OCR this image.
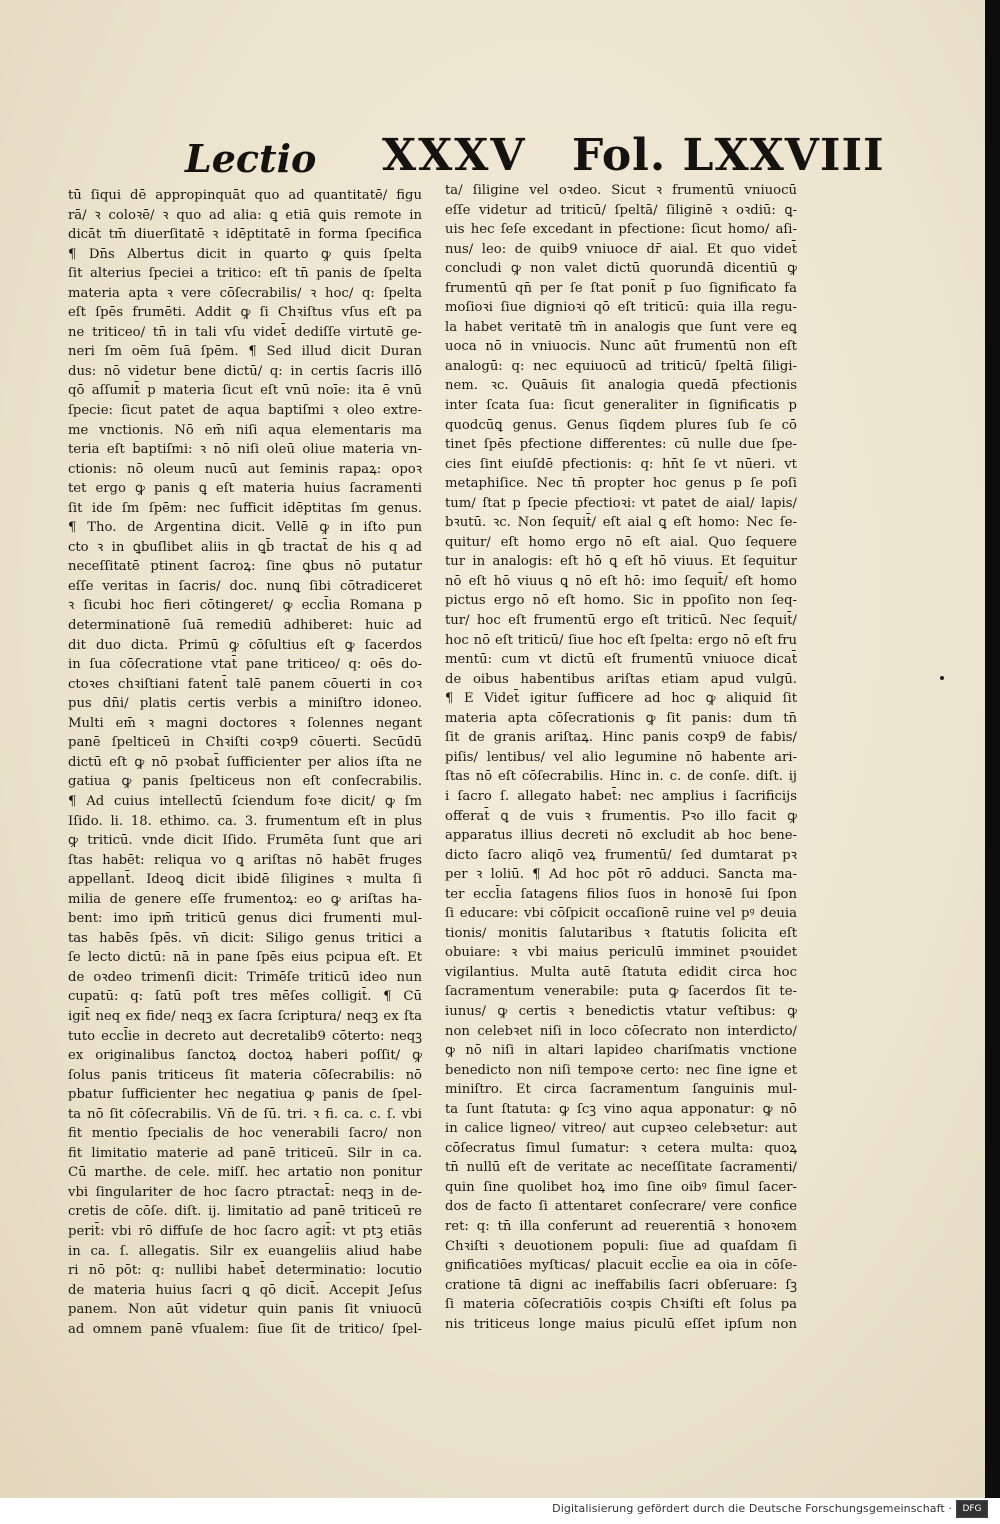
Lectio XXXV Fol. LXXVIII
tū ſiqui dē appropinquāt quo ad quantitatē/ figu
rā/ ꝛ coloꝛē/ ꝛ quo ad alia: ꝗ etiā ꝗuis remote in
dicāt tm̄ diuerſitatē ꝛ idēptitatē in forma ſpecifica
¶ Dn̄s Albertus dicit in quarto ꝙ ꝗuis ſpelta
ſit alterius ſpeciei a tritico: eſt tn̄ panis de ſpelta
materia apta ꝛ vere cōſecrabilis/ ꝛ hoc/ q: ſpelta
eſt ſpēs frumēti. Addit ꝙ ſi Chꝛiſtus vſus eſt pa
ne triticeo/ tn̄ in tali vſu videt̄ dediſſe virtutē ge-
neri ſm oēm ſuā ſpēm. ¶ Sed illud dicit Duran
dus: nō videtur bene dictū/ q: in certis ſacris illō
qō aſſumit̄ p materia ſicut eſt vnū noīe: ita ē vnū
ſpecie: ſicut patet de aqua baptiſmi ꝛ oleo extre-
me vnctionis. Nō em̄ niſi aqua elementaris ma
teria eſt baptiſmi: ꝛ nō niſi oleū oliue materia vn-
ctionis: nō oleum nucū aut ſeminis rapaꝝ: opoꝛ
tet ergo ꝙ panis ꝗ eſt materia huius ſacramenti
ſit ide ſm ſpēm: nec ſufficit idēptitas ſm genus.
¶ Tho. de Argentina dicit. Vellē ꝙ in iſto pun
cto ꝛ in ꝗbuſlibet aliis in ꝗb̄ tractat̄ de his q ad
neceſſitatē ptinent ſacroꝝ: ſine ꝗbus nō putatur
eſſe veritas in ſacris/ doc. nunꝗ ſibi cōtradiceret
ꝛ ſicubi hoc fieri cōtingeret/ ꝙ eccl̄ia Romana p
determinationē ſuā remediū adhiberet: huic ad
dit duo dicta. Primū ꝙ cōſultius eſt ꝙ ſacerdos
in ſua cōſecratione vtat̄ pane triticeo/ q: oēs do-
ctoꝛes chꝛiſtiani fatent̄ talē panem cōuerti in coꝛ
pus dn̄i/ platis certis verbis a miniſtro idoneo.
Multi em̄ ꝛ magni doctores ꝛ ſolennes negant
panē ſpelticeū in Chꝛiſti coꝛp9 cōuerti. Secūdū
dictū eſt ꝙ nō pꝛobat̄ ſufficienter per alios iſta ne
gatiua ꝙ panis ſpelticeus non eſt conſecrabilis.
¶ Ad cuius intellectū ſciendum foꝛe dicit/ ꝙ ſm
Iſido. li. 18. ethimo. ca. 3. frumentum eſt in plus
ꝙ triticū. vnde dicit Iſido. Frumēta ſunt que ari
ſtas habēt: reliqua vo ꝗ ariſtas nō habēt fruges
appellant̄. Ideoꝗ dicit ibidē ſiligines ꝛ multa ſi
milia de genere eſſe frumentoꝝ: eo ꝙ ariſtas ha-
bent: imo ipm̄ triticū genus dici frumenti mul-
tas habēs ſpēs. vn̄ dicit: Siligo genus tritici a
ſe lecto dictū: nā in pane ſpēs eius pcipua eſt. Et
de oꝛdeo trimenſi dicit: Trimēſe triticū ideo nun
cupatū: q: ſatū poſt tres mēſes colligit̄. ¶ Cū
igit̄ neq ex fide/ neqꝫ ex ſacra ſcriptura/ neqꝫ ex ſta
tuto eccl̄ie in decreto aut decretalib9 cōterto: neqꝫ
ex originalibus ſanctoꝝ doctoꝝ haberi poſſit/ ꝙ
ſolus panis triticeus ſit materia cōſecrabilis: nō
pbatur ſufficienter hec negatiua ꝙ panis de ſpel-
ta nō ſit cōſecrabilis. Vn̄ de ſū. tri. ꝛ fi. ca. c. ſ. vbi
fit mentio ſpecialis de hoc venerabili ſacro/ non
fit limitatio materie ad panē triticeū. Silr in ca.
Cū marthe. de cele. miſſ. hec artatio non ponitur
vbi ſingulariter de hoc ſacro ptractat̄: neqꝫ in de-
cretis de cōſe. diſt. ij. limitatio ad panē triticeū re
perit̄: vbi rō diffuſe de hoc ſacro agit̄: vt ptꝫ etiās
in ca. ſ. allegatis. Silr ex euangeliis aliud habe
ri nō pōt: q: nullibi habet̄ determinatio: locutio
de materia huius ſacri ꝗ qō dicit̄. Accepit Jeſus
panem. Non aūt videtur quin panis ſit vniuocū
ad omnem panē vſualem: ſiue ſit de tritico/ ſpel-
ta/ ſiligine vel oꝛdeo. Sicut ꝛ frumentū vniuocū
eſſe videtur ad triticū/ ſpeltā/ ſiliginē ꝛ oꝛdiū: ꝗ-
uis hec ſeſe excedant in pfectione: ſicut homo/ aſi-
nus/ leo: de quib9 vniuoce dr̄ aial. Et quo videt̄
concludi ꝙ non valet dictū quorundā dicentiū ꝙ
frumentū qn̄ per ſe ſtat ponit̄ p ſuo ſignificato fa
moſioꝛi ſiue dignioꝛi qō eſt triticū: quia illa regu-
la habet veritatē tm̄ in analogis que ſunt vere eꝗ
uoca nō in vniuocis. Nunc aūt frumentū non eſt
analogū: q: nec equiuocū ad triticū/ ſpeltā ſiligi-
nem. ꝛc. Quāuis ſit analogia quedā pfectionis
inter ſcata ſua: ſicut generaliter in ſignificatis p
quodcūꝗ genus. Genus ſiqdem plures ſub ſe cō
tinet ſpēs pfectione differentes: cū nulle due ſpe-
cies ſint eiuſdē pfectionis: q: hn̄t ſe vt nūeri. vt
metaphiſice. Nec tn̄ propter hoc genus p ſe poſi
tum/ ſtat p ſpecie pfectioꝛi: vt patet de aial/ lapis/
bꝛutū. ꝛc. Non ſequit̄/ eſt aial ꝗ eſt homo: Nec ſe-
quitur/ eſt homo ergo nō eſt aial. Quo ſequere
tur in analogis: eſt hō ꝗ eſt hō viuus. Et ſequitur
nō eſt hō viuus ꝗ nō eſt hō: imo ſequit̄/ eſt homo
pictus ergo nō eſt homo. Sic in ppoſito non ſeq-
tur/ hoc eſt frumentū ergo eſt triticū. Nec ſequit̄/
hoc nō eſt triticū/ ſiue hoc eſt ſpelta: ergo nō eſt fru
mentū: cum vt dictū eſt frumentū vniuoce dicat̄
de oibus habentibus ariſtas etiam apud vulgū.
¶ E Videt̄ igitur ſufficere ad hoc ꝙ aliquid ſit
materia apta cōſecrationis ꝙ ſit panis: dum tn̄
ſit de granis ariſtaꝝ. Hinc panis coꝛp9 de fabis/
piſis/ lentibus/ vel alio legumine nō habente ari-
ſtas nō eſt cōſecrabilis. Hinc in. c. de conſe. diſt. ij
i ſacro ſ. allegato habet̄: nec amplius i ſacrificijs
offerat̄ ꝗ de vuis ꝛ frumentis. Pꝛo illo facit ꝙ
apparatus illius decreti nō excludit ab hoc bene-
dicto ſacro aliqō veꝝ frumentū/ ſed dumtarat pꝛ
per ꝛ loliū. ¶ Ad hoc pōt rō adduci. Sancta ma-
ter eccl̄ia ſatagens filios ſuos in honoꝛē ſui ſpon
ſi educare: vbi cōſpicit occaſionē ruine vel pꝰ deuia
tionis/ monitis ſalutaribus ꝛ ſtatutis ſolicita eſt
obuiare: ꝛ vbi maius periculū imminet pꝛouidet
vigilantius. Multa autē ſtatuta edidit circa hoc
ſacramentum venerabile: puta ꝙ ſacerdos ſit te-
iunus/ ꝙ certis ꝛ benedictis vtatur veſtibus: ꝙ
non celebꝛet niſi in loco cōſecrato non interdicto/
ꝙ nō niſi in altari lapideo chariſmatis vnctione
benedicto non niſi tempoꝛe certo: nec ſine igne et
miniſtro. Et circa ſacramentum ſanguinis mul-
ta ſunt ſtatuta: ꝙ ſcꝫ vino aqua apponatur: ꝙ nō
in calice ligneo/ vitreo/ aut cupꝛeo celebꝛetur: aut
cōſecratus ſimul ſumatur: ꝛ cetera multa: quoꝝ
tn̄ nullū eſt de veritate ac neceſſitate ſacramenti/
quin ſine quolibet hoꝝ imo ſine oibꝰ ſimul ſacer-
dos de facto ſi attentaret conſecrare/ vere confice
ret: q: tn̄ illa conferunt ad reuerentiā ꝛ honoꝛem
Chꝛiſti ꝛ deuotionem populi: ſiue ad quaſdam ſi
gnificatiōes myſticas/ placuit eccl̄ie ea oia in cōſe-
cratione tā digni ac ineffabilis ſacri obſeruare: ſꝫ
ſi materia cōſecratiōis coꝛpis Chꝛiſti eſt ſolus pa
nis triticeus longe maius piculū eſſet ipſum non
Digitalisierung gefördert durch die Deutsche Forschungsgemeinschaft ·	DFG
